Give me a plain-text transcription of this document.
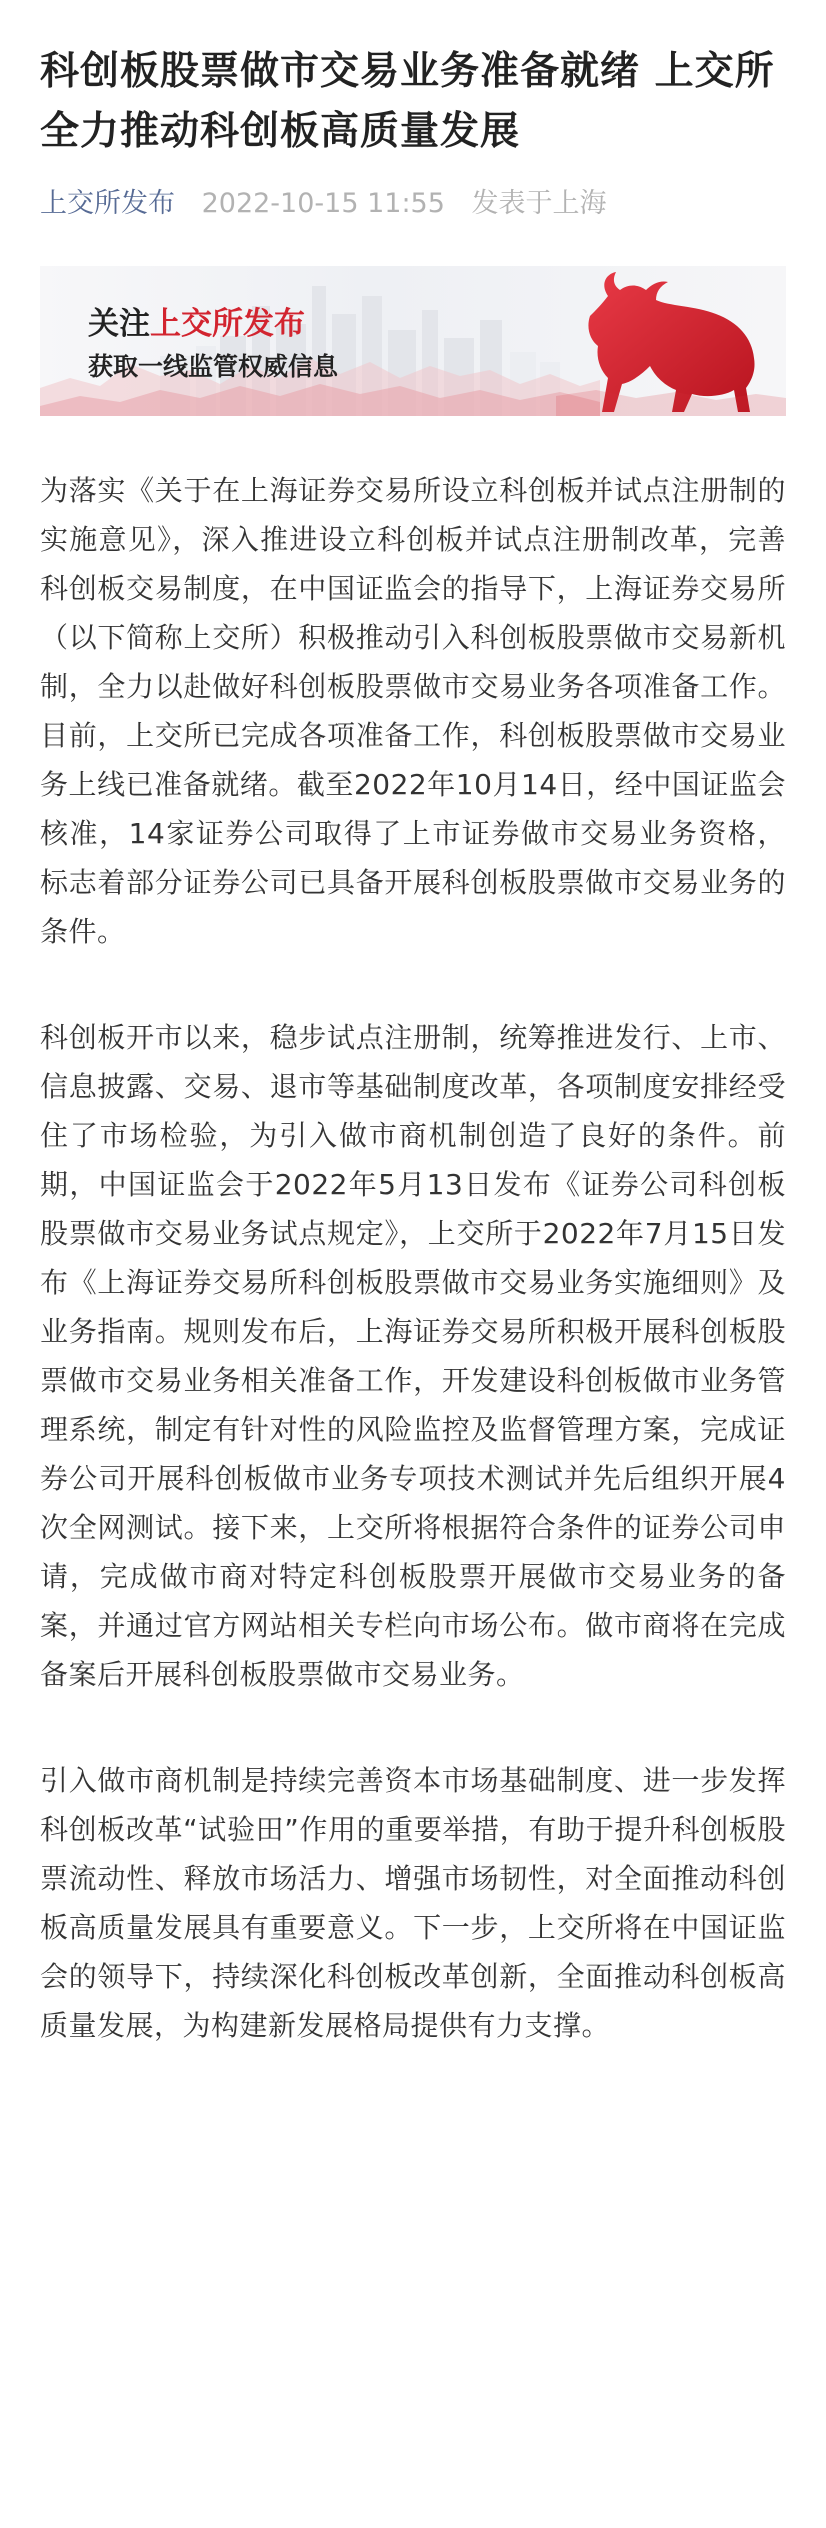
科创板股票做市交易业务准备就绪 上交所全力推动科创板高质量发展
上交所发布 2022-10-15 11:55 发表于上海
关注上交所发布
获取一线监管权威信息

为落实《关于在上海证券交易所设立科创板并试点注册制的实施意见》，深入推进设立科创板并试点注册制改革，完善科创板交易制度，在中国证监会的指导下，上海证券交易所（以下简称上交所）积极推动引入科创板股票做市交易新机制，全力以赴做好科创板股票做市交易业务各项准备工作。目前，上交所已完成各项准备工作，科创板股票做市交易业务上线已准备就绪。截至2022年10月14日，经中国证监会核准，14家证券公司取得了上市证券做市交易业务资格，标志着部分证券公司已具备开展科创板股票做市交易业务的条件。

科创板开市以来，稳步试点注册制，统筹推进发行、上市、信息披露、交易、退市等基础制度改革，各项制度安排经受住了市场检验，为引入做市商机制创造了良好的条件。前期，中国证监会于2022年5月13日发布《证券公司科创板股票做市交易业务试点规定》，上交所于2022年7月15日发布《上海证券交易所科创板股票做市交易业务实施细则》及业务指南。规则发布后，上海证券交易所积极开展科创板股票做市交易业务相关准备工作，开发建设科创板做市业务管理系统，制定有针对性的风险监控及监督管理方案，完成证券公司开展科创板做市业务专项技术测试并先后组织开展4次全网测试。接下来，上交所将根据符合条件的证券公司申请，完成做市商对特定科创板股票开展做市交易业务的备案，并通过官方网站相关专栏向市场公布。做市商将在完成备案后开展科创板股票做市交易业务。

引入做市商机制是持续完善资本市场基础制度、进一步发挥科创板改革“试验田”作用的重要举措，有助于提升科创板股票流动性、释放市场活力、增强市场韧性，对全面推动科创板高质量发展具有重要意义。下一步，上交所将在中国证监会的领导下，持续深化科创板改革创新，全面推动科创板高质量发展，为构建新发展格局提供有力支撑。
